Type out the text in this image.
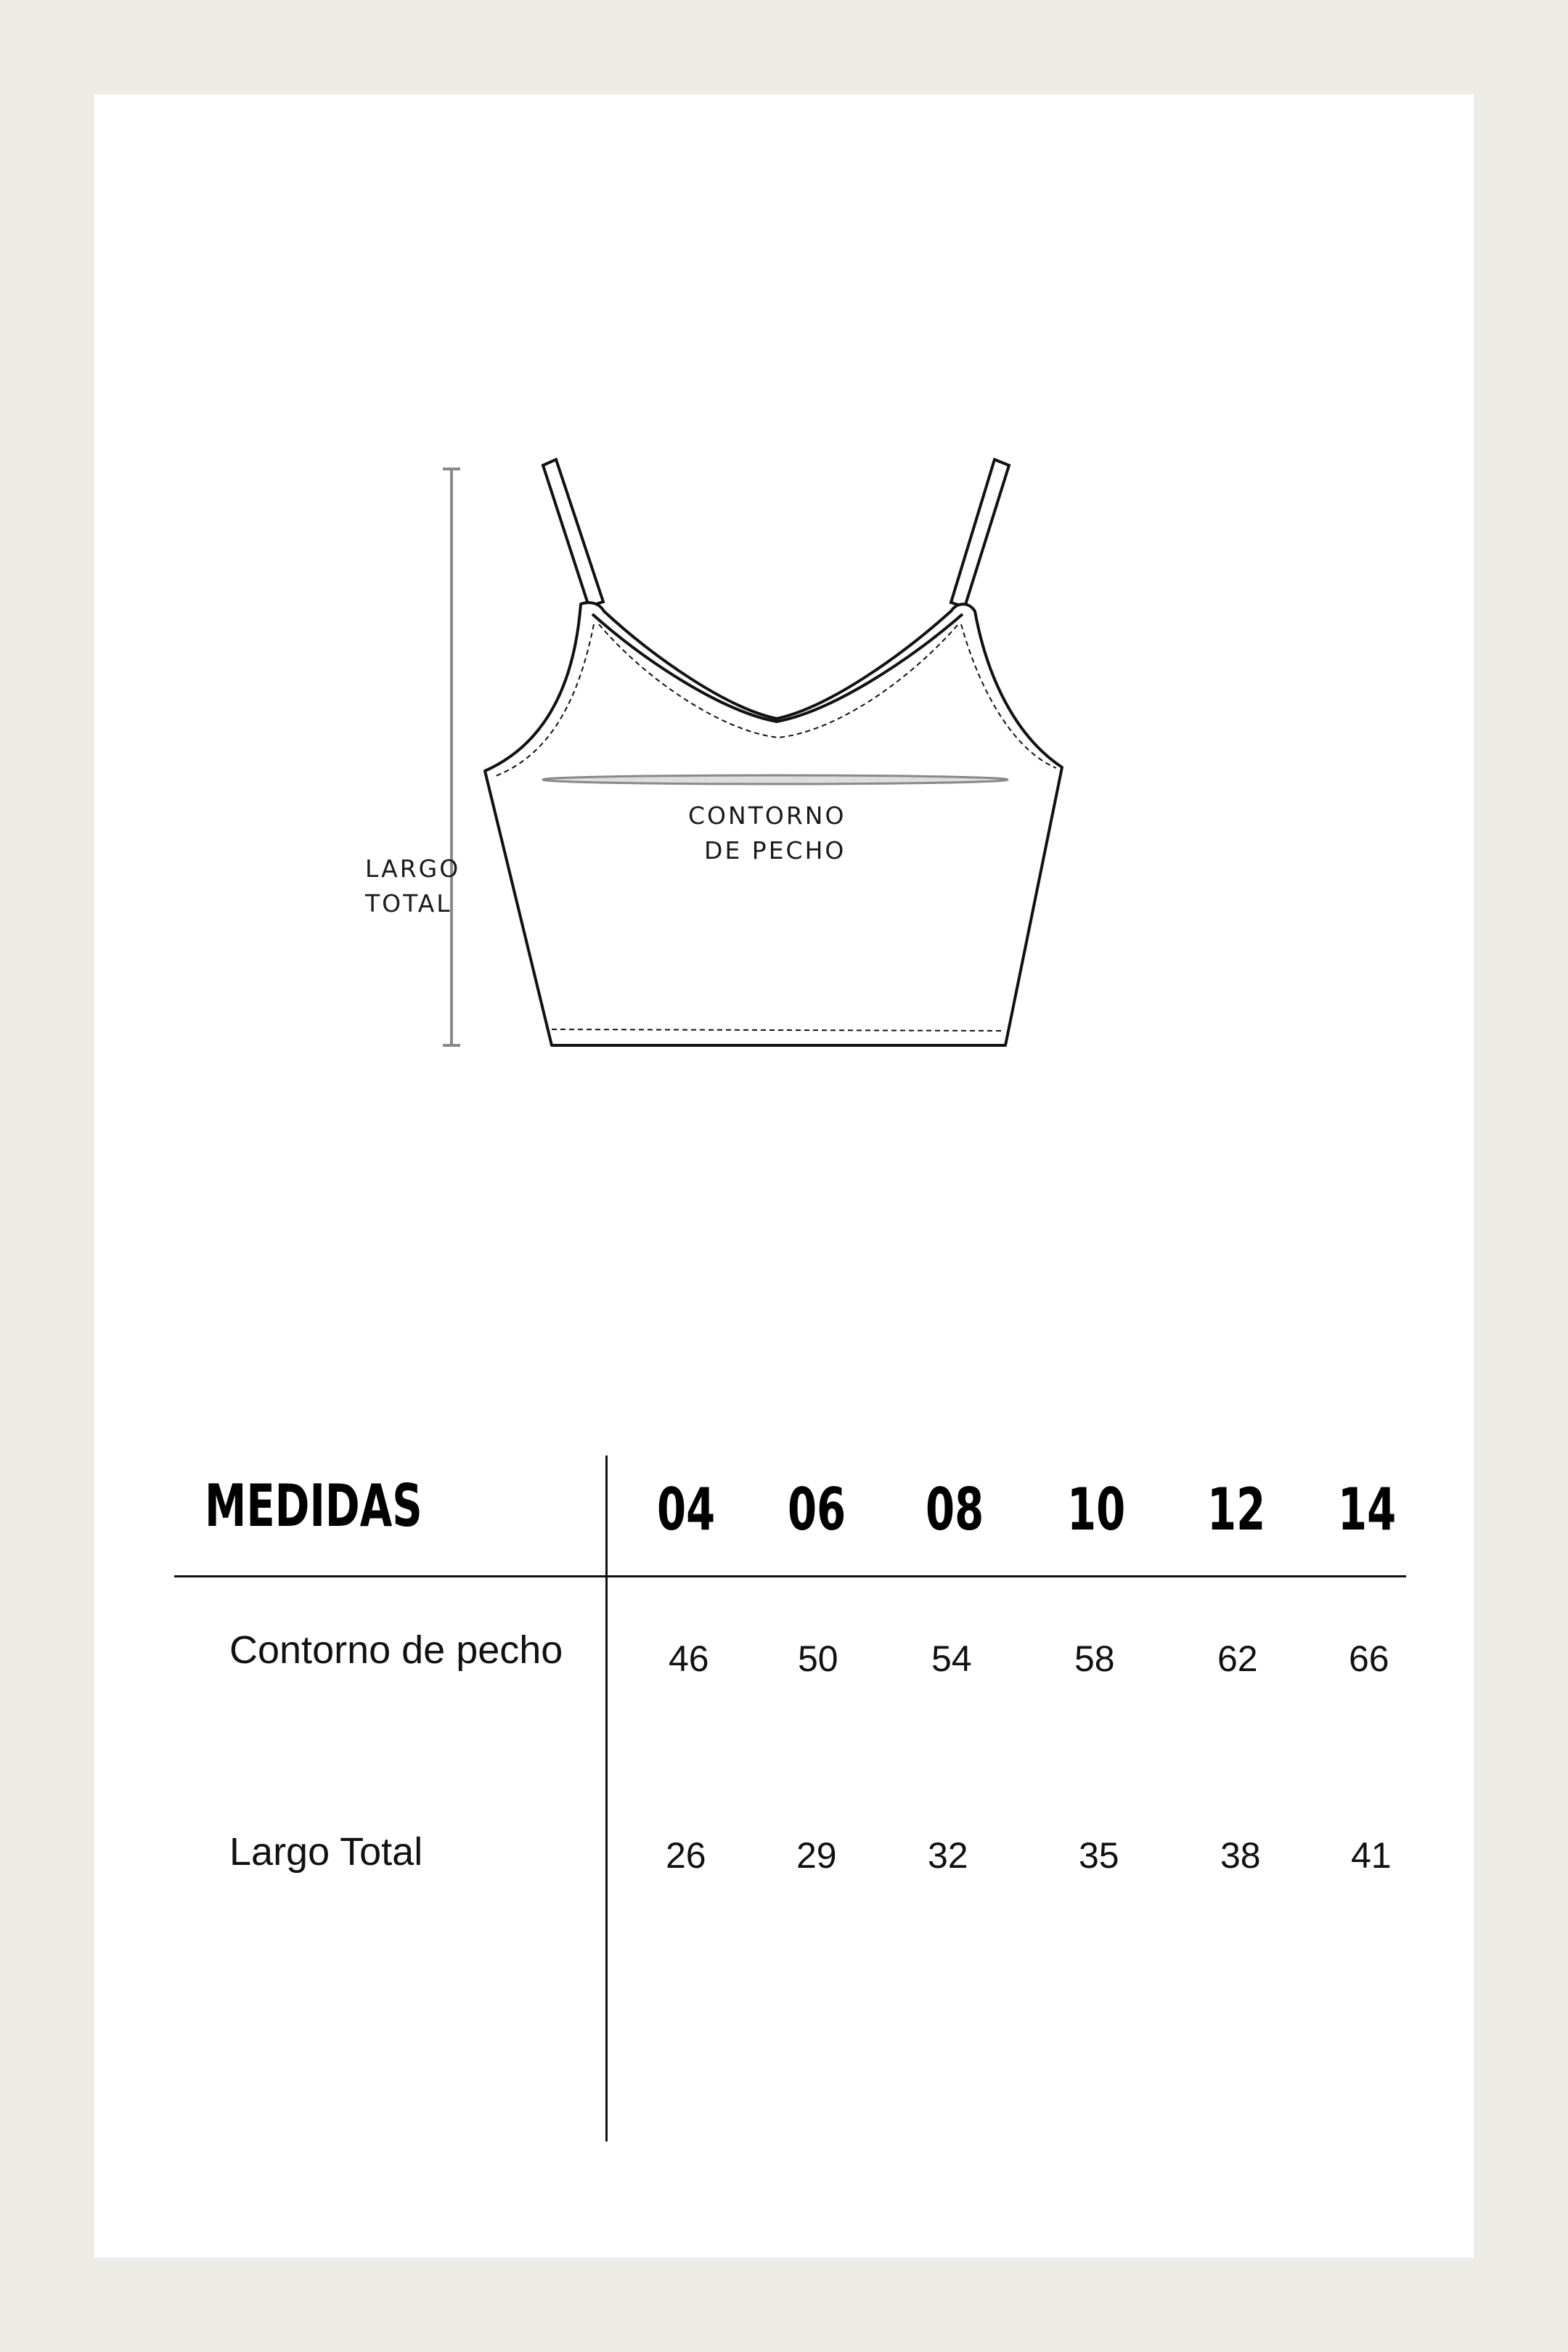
LARGO
TOTAL
CONTORNO
DE PECHO
MEDIDAS	04 06 08 10 12 14
Contorno de pecho	46 50	54	58	62	66
Largo Total	26 29	32	35	38 41
